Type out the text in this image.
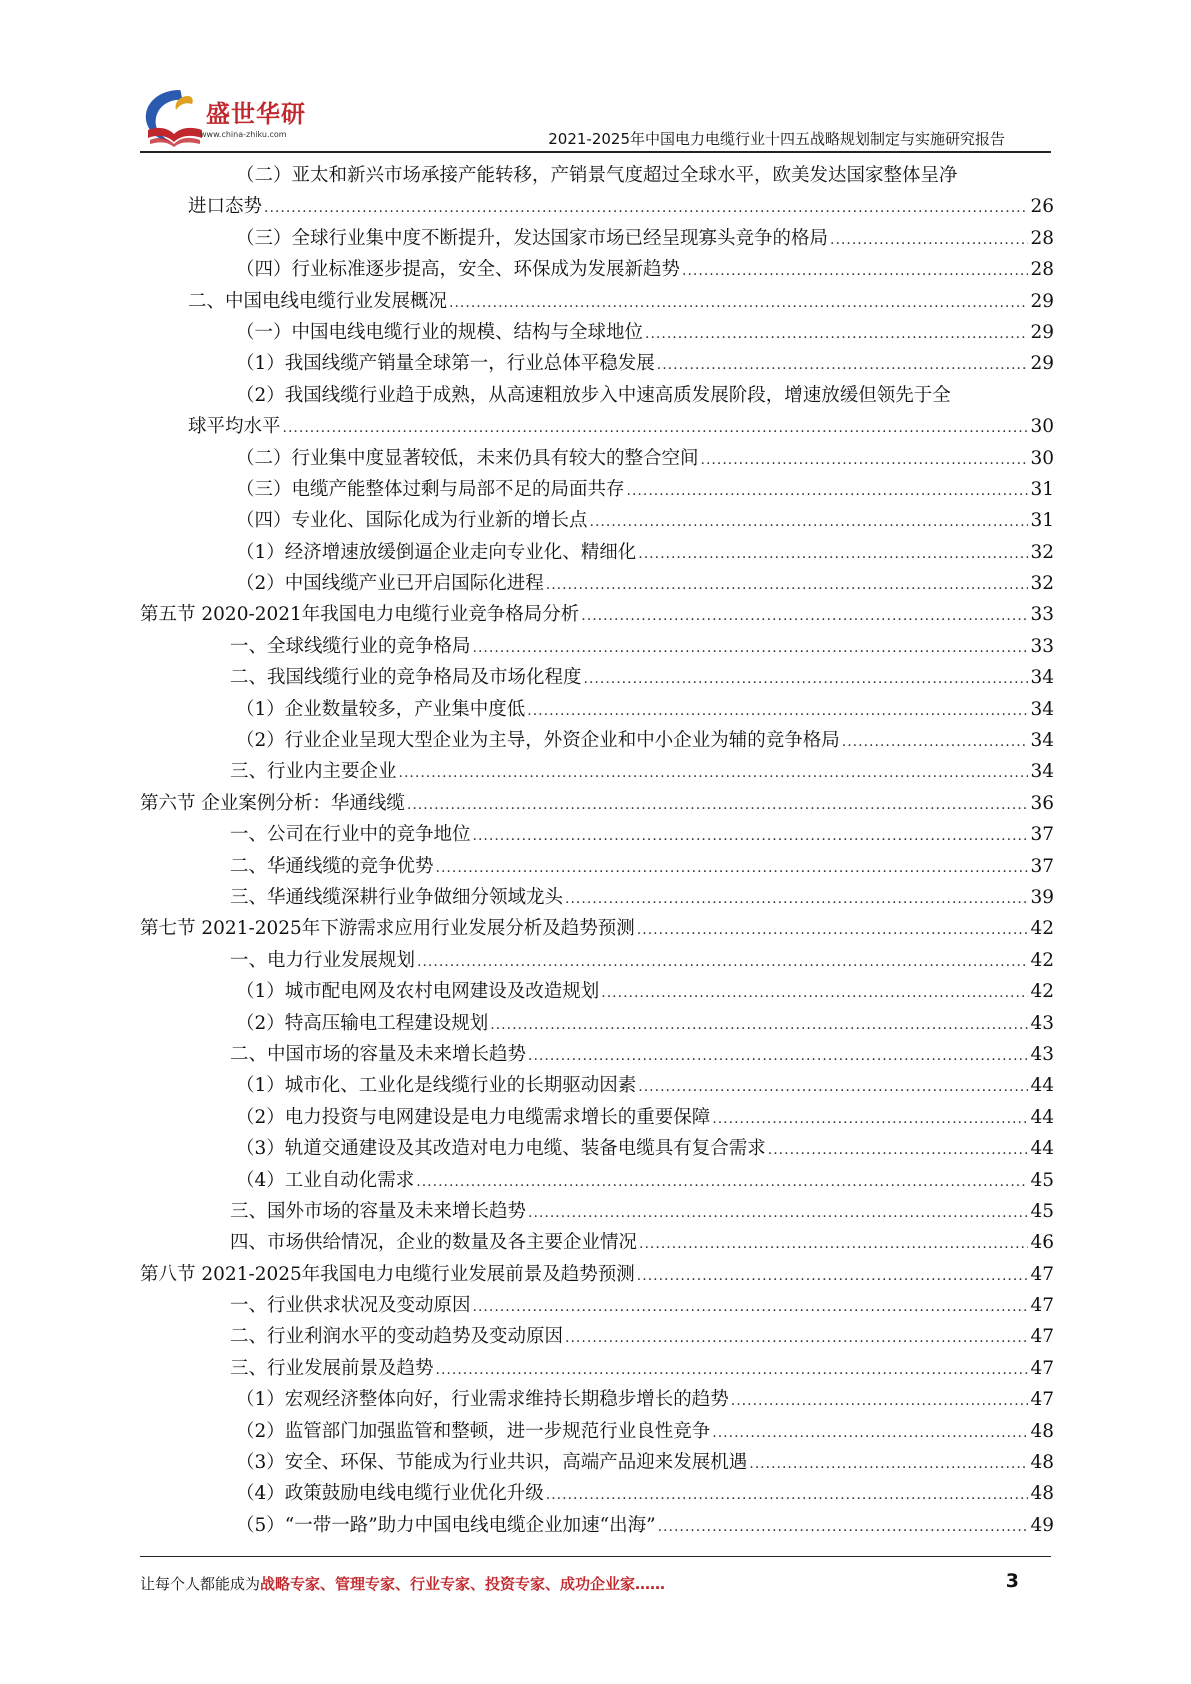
盛世华研
www.china-zhiku.com	2021-2025年中国电力电缆行业十四五战略规划制定与实施研究报告
（二）亚太和新兴市场承接产能转移，产销景气度超过全球水平，欧美发达国家整体呈净
进口态势 .....	26
（三）全球行业集中度不断提升，发达国家市场已经呈现寡头竞争的格局 .....	28
（四）行业标准逐步提高，安全、环保成为发展新趋势 .....	28
二、中国电线电缆行业发展概况 .....	29
（一）中国电线电缆行业的规模、结构与全球地位 .....	29
（1）我国线缆产销量全球第一，行业总体平稳发展 .....	29
（2）我国线缆行业趋于成熟，从高速粗放步入中速高质发展阶段，增速放缓但领先于全
球平均水平 .....	30
（二）行业集中度显著较低，未来仍具有较大的整合空间 .....	30
（三）电缆产能整体过剩与局部不足的局面共存 .....	31
（四）专业化、国际化成为行业新的增长点 .....	31
（1）经济增速放缓倒逼企业走向专业化、精细化 .....	32
（2）中国线缆产业已开启国际化进程 .....	32
第五节 2020-2021年我国电力电缆行业竞争格局分析 .....	33
一、全球线缆行业的竞争格局 .....	33
二、我国线缆行业的竞争格局及市场化程度 .....	34
（1）企业数量较多，产业集中度低 .....	34
（2）行业企业呈现大型企业为主导，外资企业和中小企业为辅的竞争格局 .....	34
三、行业内主要企业 .....	34
第六节 企业案例分析：华通线缆 .....	36
一、公司在行业中的竞争地位 .....	37
二、华通线缆的竞争优势 .....	37
三、华通线缆深耕行业争做细分领域龙头 .....	39
第七节 2021-2025年下游需求应用行业发展分析及趋势预测 .....	42
一、电力行业发展规划 .....	42
（1）城市配电网及农村电网建设及改造规划 .....	42
（2）特高压输电工程建设规划 .....	43
二、中国市场的容量及未来增长趋势 .....	43
（1）城市化、工业化是线缆行业的长期驱动因素 .....	44
（2）电力投资与电网建设是电力电缆需求增长的重要保障 .....	44
（3）轨道交通建设及其改造对电力电缆、装备电缆具有复合需求 .....	44
（4）工业自动化需求 .....	45
三、国外市场的容量及未来增长趋势 .....	45
四、市场供给情况，企业的数量及各主要企业情况 .....	46
第八节 2021-2025年我国电力电缆行业发展前景及趋势预测 .....	47
一、行业供求状况及变动原因 .....	47
二、行业利润水平的变动趋势及变动原因 .....	47
三、行业发展前景及趋势 .....	47
（1）宏观经济整体向好，行业需求维持长期稳步增长的趋势 .....	47
（2）监管部门加强监管和整顿，进一步规范行业良性竞争 .....	48
（3）安全、环保、节能成为行业共识，高端产品迎来发展机遇 .....	48
（4）政策鼓励电线电缆行业优化升级 .....	48
（5）“一带一路”助力中国电线电缆企业加速“出海” .....	49
让每个人都能成为战略专家、管理专家、行业专家、投资专家、成功企业家……	3
